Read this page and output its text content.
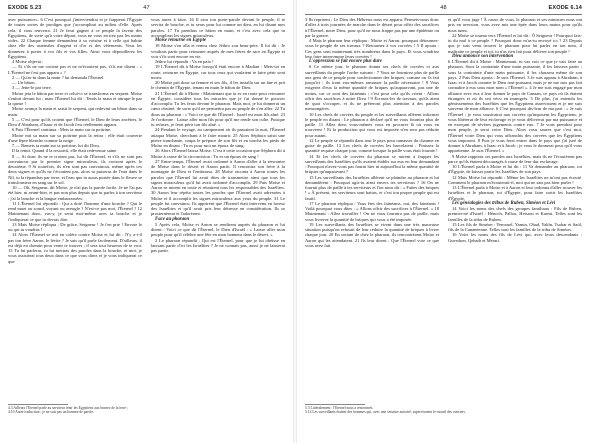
EXODE 5.23	47

avec puissance». 6 C'est pourquoi j'interviendrai et je frapperai l'Égypte de toutes sortes de prodiges que j'accomplirai au milieu d'elle. Après cela, il vous renverra. 21 Je ferai gagner à ce peuple la faveur des Égyptiens, de sorte qu'à votre départ, vous ne vous en irez pas les mains vides. 22 Chaque femme demandera à sa voisine et à celle qui habite chez elle des ustensiles d'argent et d'or et des vêtements. Vous les donnerez à porter à vos fils et vos filles. Ainsi vous dépouillerez les Égyptiens.

4 Moïse objecta :

— Et s'ils ne me croient pas et ne m'écoutent pas, s'ils me disent : « L'Éternel ne t'est pas apparu » ?

2 — Qu'as-tu dans la main ? lui demanda l'Éternel.

— Un bâton.

3 — Jette-le par terre.

Moïse jeta le bâton par terre et celui-ci se transforma en serpent. Moïse s'enfuit devant lui ; mais l'Éternel lui dit : Tends la main et attrape-le par la queue !

Moïse avança la main et saisit le serpent, qui redevint un bâton dans sa main.

5 — C'est pour qu'ils croient que l'Éternel, le Dieu de leurs ancêtres, le Dieu d'Abraham, d'Isaac et de Jacob t'est réellement apparu.

6 Puis l'Éternel continua : Mets ta main sur ta poitrine.

Moïse mit sa main sur sa poitrine puis la retira : elle était couverte d'une lèpre blanche comme la neige.

7 — Remets ta main sur ta poitrine, lui dit Dieu.

Il la remit. Quand il la ressortit, elle était redevenue saine.

8 — Si donc ils ne te croient pas, lui dit l'Éternel, et s'ils ne sont pas convaincus par le premier signe miraculeux, ils croiront après le deuxième. 9 Si toutefois, ils n'en sont pas convaincus, même après ces deux signes et qu'ils ne t'écoutent pas, alors tu puiseras de l'eau dans le Nil, tu la répandras par terre, et l'eau que tu auras puisée dans le fleuve se transformera en sang sur le sol.

10 — Oh, Seigneur, dit Moïse, je n'ai pas la parole facile. Je ne l'ai pas été hier, ni avant-hier, et pas non plus depuis que tu parles à ton serviteur : j'ai la bouche et la langue embarrassées.

11 L'Éternel lui répondit : Qui a doté l'homme d'une bouche ? Qui le rend muet ou sourd, voyant ou aveugle ? N'est-ce pas moi, l'Éternel ? 12 Maintenant donc, vas-y, je serai moi-même avec ta bouche et je t'indiquerai ce que tu devras dire.

13 Mais Moïse répliqua : De grâce, Seigneur ! Je t'en prie ! Envoie le ou qui tu voudras !

14 Alors l'Éternel se mit en colère contre Moïse et lui dit : N'y a-t-il pas ton frère Aaron, le lévite ? Je sais qu'il parle facilement. D'ailleurs, il est déjà en chemin pour venir te trouver ; il sera tout heureux de te voir. 15 Tu lui parleras, tu lui mettras des paroles dans la bouche, et moi, je vous assisterai tous deux dans ce que vous direz et je vous indiquerai ce que

vous aurez à faire. 16 Il sera ton porte-parole devant le peuple, il te servira de bouche, et tu seras pour lui comme un dieu, en lui disant mes paroles. 17 Tu prendras ce bâton en main, et c'est avec cela que tu accompliras les signes miraculeux.

Moïse retourne en Égypte

18 Moïse s'en alla et rentra chez Jéthro son beau-père. Il lui dit : Je voudrais partir pour retourner auprès de mes frères de race en Égypte et voir s'ils sont encore en vie.

Jéthro lui répondit : Va en paix !

19 L'Éternel dit à Moïse lorsqu'il était encore à Madian : Mets-toi en route, retourne en Égypte, car tous ceux qui voulaient te faire périr sont morts.

20 Moïse prit donc sa femme et ses fils, il les installa sur un âne et prit le chemin de l'Égypte, tenant en main le bâton de Dieu.

21 L'Éternel dit à Moïse : Maintenant que tu es en route pour retourner en Égypte, considère tous les miracles que je t'ai donné le pouvoir d'accomplir. Tu les feras devant le pharaon. Mais moi, je lui donnerai un cœur obstiné, de sorte qu'il ne permettra pas au peuple de s'en aller. 22 Tu diras au pharaon : « Voici ce que dit l'Éternel : Israël est mon fils aîné. 23 Je t'ordonne : Laisse aller mon fils pour qu'il me rende son culte. Puisque tu refuses, je ferai périr ton fils aîné. »

24 Pendant le voyage, au campement où ils passaient la nuit, l'Éternel attaqua Moïse, cherchant à le faire mourir. 25 Alors Séphora saisit une pierre tranchante, coupa le prépuce de son fils et en toucha les pieds de Moïse en disant : Tu es pour moi un époux de sang.

26 Alors l'Éternel laissa Moïse. C'est à cette occasion que Séphora dit à Moïse à cause de la circoncision : Tu es un époux de sang !

27 Entre-temps, l'Éternel avait ordonné à Aaron d'aller à la rencontre de Moïse dans le désert et Aaron partit. Il rencontra son frère à la montagne de Dieu et l'embrassa. 28 Moïse raconta à Aaron toutes les paroles que l'Éternel lui avait dites de transmettre ainsi que tous les signes miraculeux qu'il lui avait ordonné d'accomplir. 29 Puis Moïse et Aaron se mirent en route et réunirent tous les responsables des Israélites. 30 Aaron leur répéta toutes les paroles que l'Éternel avait adressées à Moïse et il accomplit les signes miraculeux aux yeux du peuple. 31 Le peuple fut convaincu. Ils apprirent que l'Éternel était intervenu en faveur des Israélites et qu'il avait pris leur détresse en considération. Ils se prosternèrent et l'adorèrent.

Face au pharaon

5 Après cela, Moïse et Aaron se rendirent auprès du pharaon et lui dirent : Voici ce que dit l'Éternel, le Dieu d'Israël : « Laisse aller mon peuple pour qu'il célèbre une fête en mon honneur dans le désert. »

2 Le pharaon répondit : Qui est l'Éternel, pour que je lui obéisse en laissant partir d'ici les Israélites ? Je ne connais pas, aussi je ne laisserai pas partir.

4.3 Ailleurs l'Éternel parle au serviteur tenir les Égyptiens aux bornes de la terre ;

4.10 Autre traduction : je ne suis pas un homme de parole.

48	EXODE 6.14

3 Ils reprirent : Le Dieu des Hébreux nous est apparu. Permets-nous donc d'aller à trois journées de marche dans le désert pour offrir des sacrifices à l'Éternel, notre Dieu, pour qu'il ne nous frappe pas par une épidémie ou par la guerre.

4 Mais le pharaon leur répliqua : Moïse et Aaron, pourquoi détournez-vous le peuple de ses travaux ? Retournez à vos corvées ! 5 Il ajouta : Ces gens sont maintenant très nombreux dans le pays. Et vous voudriez leur faire interrompre leurs corvées !

L'oppression se fait encore plus dure

6 Ce même jour, le pharaon donna ses chefs de corvées et aux surveillants du peuple l'ordre suivant : 7 Vous ne fournirez plus de paille aux gens de ce peuple pour confectionner des briques, comme on l'a fait jusqu'ici ; ils iront eux-mêmes ramasser la paille nécessaire ! 8 Vous exigerez d'eux la même quantité de briques qu'auparavant, pas une de moins, car ce sont des fainéants ; c'est pour cela qu'ils crient : Allons offrir des sacrifices à notre Dieu ! 9 Écrasez-les de travaux, qu'ils aient de quoi s'occuper, et ils ne prêteront plus attention à des paroles mensongères.

10 Les chefs de corvées du peuple et les surveillants allèrent informer le peuple en disant : Le pharaon a déclaré qu'il ne vous fournira plus de paille. 11 Allez donc vous-mêmes vous en procurer là où vous en trouverez ! Et la production qui vous est imposée n'en sera pas réduite pour autant.

12 Le peuple se répandit dans tout le pays pour ramasser du chaume en guise de paille. 13 Les chefs de corvées les harcelaient : Finissez la quantité requise chaque jour, comme lorsque la paille vous était fournie !

14 Et les chefs de corvées du pharaon se mirent à frapper les surveillants des Israélites qu'ils avaient établis sur eux en leur demandant : Pourquoi n'avez-vous pas fourni hier ni aujourd'hui la même quantité de briques qu'auparavant ?

15 Les surveillants des Israélites allèrent se plaindre au pharaon et lui demandèrent : Pourquoi agis-tu ainsi envers tes serviteurs ? 16 On ne fournit plus de paille à tes serviteurs et l'on nous dit : « Faites des briques ! » À présent, tes serviteurs sont battus, et c'est ton propre peuple qui est fautif.

17 Le pharaon répliqua : Vous êtes des fainéants, oui, des fainéants ! Voilà pourquoi vous dites : « Allons offrir des sacrifices à l'Éternel. » 18 Maintenant : Allez travailler ! On ne vous fournira pas de paille, mais vous livrerez la quantité de briques qui vous a été imposée.

19 Les surveillants des Israélites se virent dans une très mauvaise situation puisqu'on refusait de leur réduire la quantité de briques à livrer chaque jour. 20 En sortant de chez le pharaon, ils rencontrèrent Moïse et Aaron qui les attendaient. 21 Ils leur dirent : Que l'Éternel voie ce que vous avez fait

et qu'il vous juge ! À cause de vous, le pharaon et ses ministres nous ont pris en aversion, vous avez mis une épée dans leurs mains pour qu'ils nous tuent.

22 Moïse se tourna vers l'Éternel et lui dit : Ô Seigneur ! Pourquoi fais-tu du mal à ce peuple ? Pourquoi donc m'as-tu envoyé ici ? 23 Depuis que je suis venu trouver le pharaon pour lui parler en ton nom, il maltraite ce peuple et toi, tu n'as rien fait pour délivrer ton peuple !

Dieu annonce son intervention

6 L'Éternel dit à Moïse : Maintenant, tu vas voir ce que je vais faire au pharaon. Sous la contrainte d'une main puissante, il les laissera partir ; sous la contrainte d'une main puissante, il les chassera même de son pays. 2 Puis Dieu ajouta : Je suis l'Éternel. 3 Je suis apparu à Abraham, à Isaac et à Jacob comme le Dieu tout-puissant, mais je ne me suis pas fait connaître à eux sous mon nom « l'Éternel ». 4 Je me suis engagé par mon alliance avec eux à leur donner le pays de Canaan, ce pays où ils étaient étrangers et où ils ont vécu en immigrés. 5 De plus, j'ai entendu les gémissements des Israélites que les Égyptiens asservissent et je me suis souvenu de mon alliance. 6 C'est pourquoi dis-leur de ma part : « Je suis l'Éternel ; je vous soustrairai aux corvées qu'imposent les Égyptiens, je vous libérerai de leur esclavage et je vous délivrerai par ma puissance et en exerçant de sévères jugements contre eux. 7 Je vous prendrai pour mon peuple, je serai votre Dieu. Alors vous saurez que c'est moi, l'Éternel votre Dieu qui vous affranchis des corvées que les Égyptiens vous imposent. 8 Puis je vous ferai entrer dans le pays que j'ai juré de donner à Abraham, à Isaac et à Jacob ; je vous le donnerai pour qu'il vous appartienne. Je suis l'Éternel. »

9 Moïse rapporta ces paroles aux Israélites, mais ils ne l'écoutèrent pas parce qu'ils étaient découragés à cause de leur dur esclavage.

10 L'Éternel parla à Moïse et lui dit : 11 Va demander au pharaon, roi d'Égypte, de laisser partir les Israélites de son pays.

12 Mais Moïse lui répondit : Même les Israélites ne m'ont pas écouté. Comment le pharaon m'écouterait-il, moi qui ne sais pas bien parler !

13 L'Éternel parla à Moïse et à Aaron et leur ordonna d'aller trouver les Israélites et le pharaon, roi d'Égypte, pour faire sortir les Israélites d'Égypte.

Les généalogies des tribus de Ruben, Siméon et Lévi

14 Voici les noms des chefs des groupes familiaux : Fils de Ruben, premier-né d'Israël : Hénoch, Pallou, Hetsron et Karmi. Telles sont les familles de la tribu de Ruben.

15 Les fils de Siméon : Yemouel, Yamin, Ohad, Yakîn, Tsohar et Saül, fils de la Cananéenne. Telles sont les familles de la tribu de Siméon.

16 Voici les noms des fils de Lévi qui, avec leurs descendants : Guershon, Qehath et Merari.

5.3 Littéralement : l'Éternel nous a rencontrés.

5.14 Les surveillants étaient des hommes qui, avec une certaine autorité, supervisaient le travail des ouvriers.
